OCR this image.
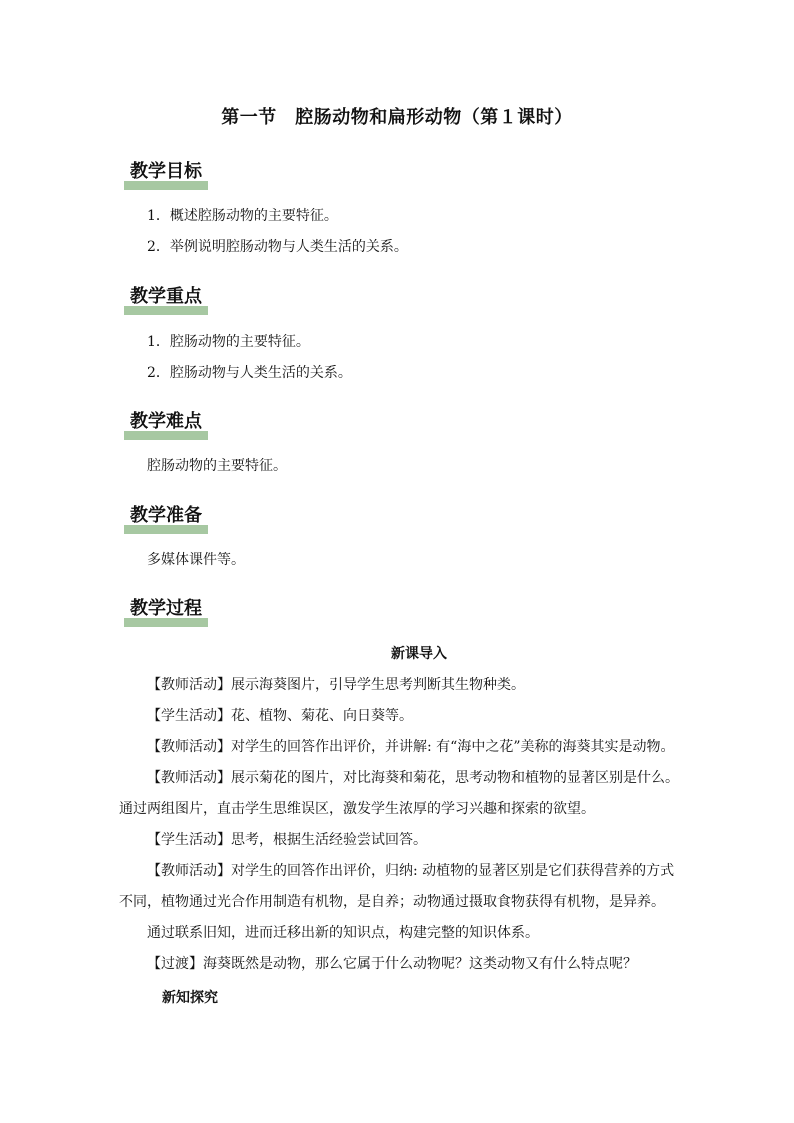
第一节　腔肠动物和扁形动物（第１课时）
教学目标
1．概述腔肠动物的主要特征。
2．举例说明腔肠动物与人类生活的关系。
教学重点
1．腔肠动物的主要特征。
2．腔肠动物与人类生活的关系。
教学难点
腔肠动物的主要特征。
教学准备
多媒体课件等。
教学过程
新课导入
【教师活动】展示海葵图片，引导学生思考判断其生物种类。
【学生活动】花、植物、菊花、向日葵等。
【教师活动】对学生的回答作出评价，并讲解: 有“海中之花”美称的海葵其实是动物。
【教师活动】展示菊花的图片，对比海葵和菊花，思考动物和植物的显著区别是什么。
通过两组图片，直击学生思维误区，激发学生浓厚的学习兴趣和探索的欲望。
【学生活动】思考，根据生活经验尝试回答。
【教师活动】对学生的回答作出评价，归纳: 动植物的显著区别是它们获得营养的方式
不同，植物通过光合作用制造有机物，是自养；动物通过摄取食物获得有机物，是异养。
通过联系旧知，进而迁移出新的知识点，构建完整的知识体系。
【过渡】海葵既然是动物，那么它属于什么动物呢？这类动物又有什么特点呢？
新知探究
